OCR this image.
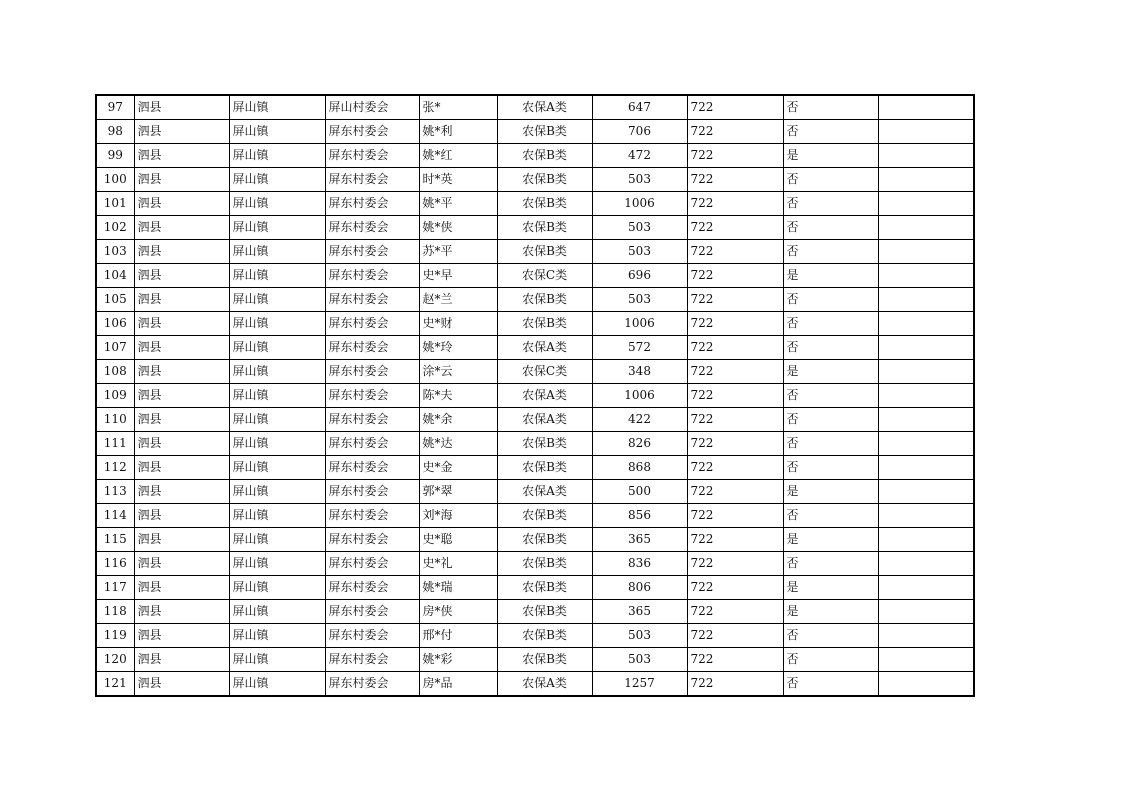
97	泗县	屏山镇	屏山村委会	张*	农保A类	647	722	否	
98	泗县	屏山镇	屏东村委会	姚*利	农保B类	706	722	否	
99	泗县	屏山镇	屏东村委会	姚*红	农保B类	472	722	是	
100	泗县	屏山镇	屏东村委会	时*英	农保B类	503	722	否	
101	泗县	屏山镇	屏东村委会	姚*平	农保B类	1006	722	否	
102	泗县	屏山镇	屏东村委会	姚*侠	农保B类	503	722	否	
103	泗县	屏山镇	屏东村委会	苏*平	农保B类	503	722	否	
104	泗县	屏山镇	屏东村委会	史*早	农保C类	696	722	是	
105	泗县	屏山镇	屏东村委会	赵*兰	农保B类	503	722	否	
106	泗县	屏山镇	屏东村委会	史*财	农保B类	1006	722	否	
107	泗县	屏山镇	屏东村委会	姚*玲	农保A类	572	722	否	
108	泗县	屏山镇	屏东村委会	涂*云	农保C类	348	722	是	
109	泗县	屏山镇	屏东村委会	陈*夫	农保A类	1006	722	否	
110	泗县	屏山镇	屏东村委会	姚*余	农保A类	422	722	否	
111	泗县	屏山镇	屏东村委会	姚*达	农保B类	826	722	否	
112	泗县	屏山镇	屏东村委会	史*金	农保B类	868	722	否	
113	泗县	屏山镇	屏东村委会	郭*翠	农保A类	500	722	是	
114	泗县	屏山镇	屏东村委会	刘*海	农保B类	856	722	否	
115	泗县	屏山镇	屏东村委会	史*聪	农保B类	365	722	是	
116	泗县	屏山镇	屏东村委会	史*礼	农保B类	836	722	否	
117	泗县	屏山镇	屏东村委会	姚*瑞	农保B类	806	722	是	
118	泗县	屏山镇	屏东村委会	房*侠	农保B类	365	722	是	
119	泗县	屏山镇	屏东村委会	邢*付	农保B类	503	722	否	
120	泗县	屏山镇	屏东村委会	姚*彩	农保B类	503	722	否	
121	泗县	屏山镇	屏东村委会	房*品	农保A类	1257	722	否	
